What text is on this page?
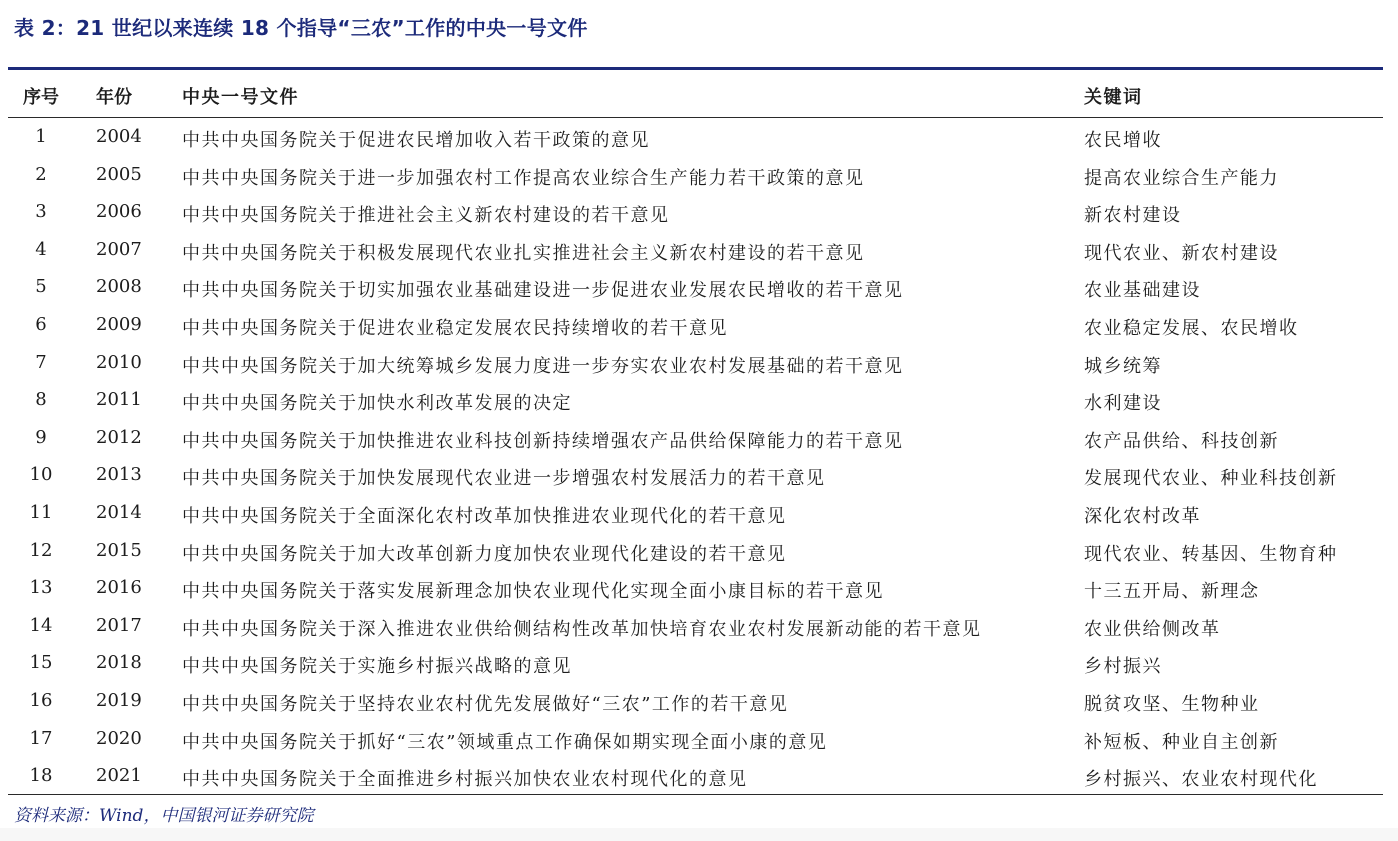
表 2：21 世纪以来连续 18 个指导“三农”工作的中央一号文件
序号	年份	中央一号文件	关键词
1	2004 中共中央国务院关于促进农民增加收入若干政策的意见	农民增收
2	2005 中共中央国务院关于进一步加强农村工作提高农业综合生产能力若干政策的意见	提高农业综合生产能力
3	2006 中共中央国务院关于推进社会主义新农村建设的若干意见	新农村建设
4	2007 中共中央国务院关于积极发展现代农业扎实推进社会主义新农村建设的若干意见	现代农业、新农村建设
5	2008 中共中央国务院关于切实加强农业基础建设进一步促进农业发展农民增收的若干意见	农业基础建设
6	2009 中共中央国务院关于促进农业稳定发展农民持续增收的若干意见	农业稳定发展、农民增收
7	2010 中共中央国务院关于加大统筹城乡发展力度进一步夯实农业农村发展基础的若干意见	城乡统筹
8	2011 中共中央国务院关于加快水利改革发展的决定	水利建设
9	2012 中共中央国务院关于加快推进农业科技创新持续增强农产品供给保障能力的若干意见	农产品供给、科技创新
10	2013 中共中央国务院关于加快发展现代农业进一步增强农村发展活力的若干意见	发展现代农业、种业科技创新
11	2014 中共中央国务院关于全面深化农村改革加快推进农业现代化的若干意见	深化农村改革
12	2015 中共中央国务院关于加大改革创新力度加快农业现代化建设的若干意见	现代农业、转基因、生物育种
13	2016 中共中央国务院关于落实发展新理念加快农业现代化实现全面小康目标的若干意见	十三五开局、新理念
14	2017 中共中央国务院关于深入推进农业供给侧结构性改革加快培育农业农村发展新动能的若干意见	农业供给侧改革
15	2018 中共中央国务院关于实施乡村振兴战略的意见	乡村振兴
16	2019 中共中央国务院关于坚持农业农村优先发展做好“三农”工作的若干意见	脱贫攻坚、生物种业
17	2020 中共中央国务院关于抓好“三农”领域重点工作确保如期实现全面小康的意见	补短板、种业自主创新
18	2021 中共中央国务院关于全面推进乡村振兴加快农业农村现代化的意见	乡村振兴、农业农村现代化
资料来源：Wind，中国银河证券研究院
